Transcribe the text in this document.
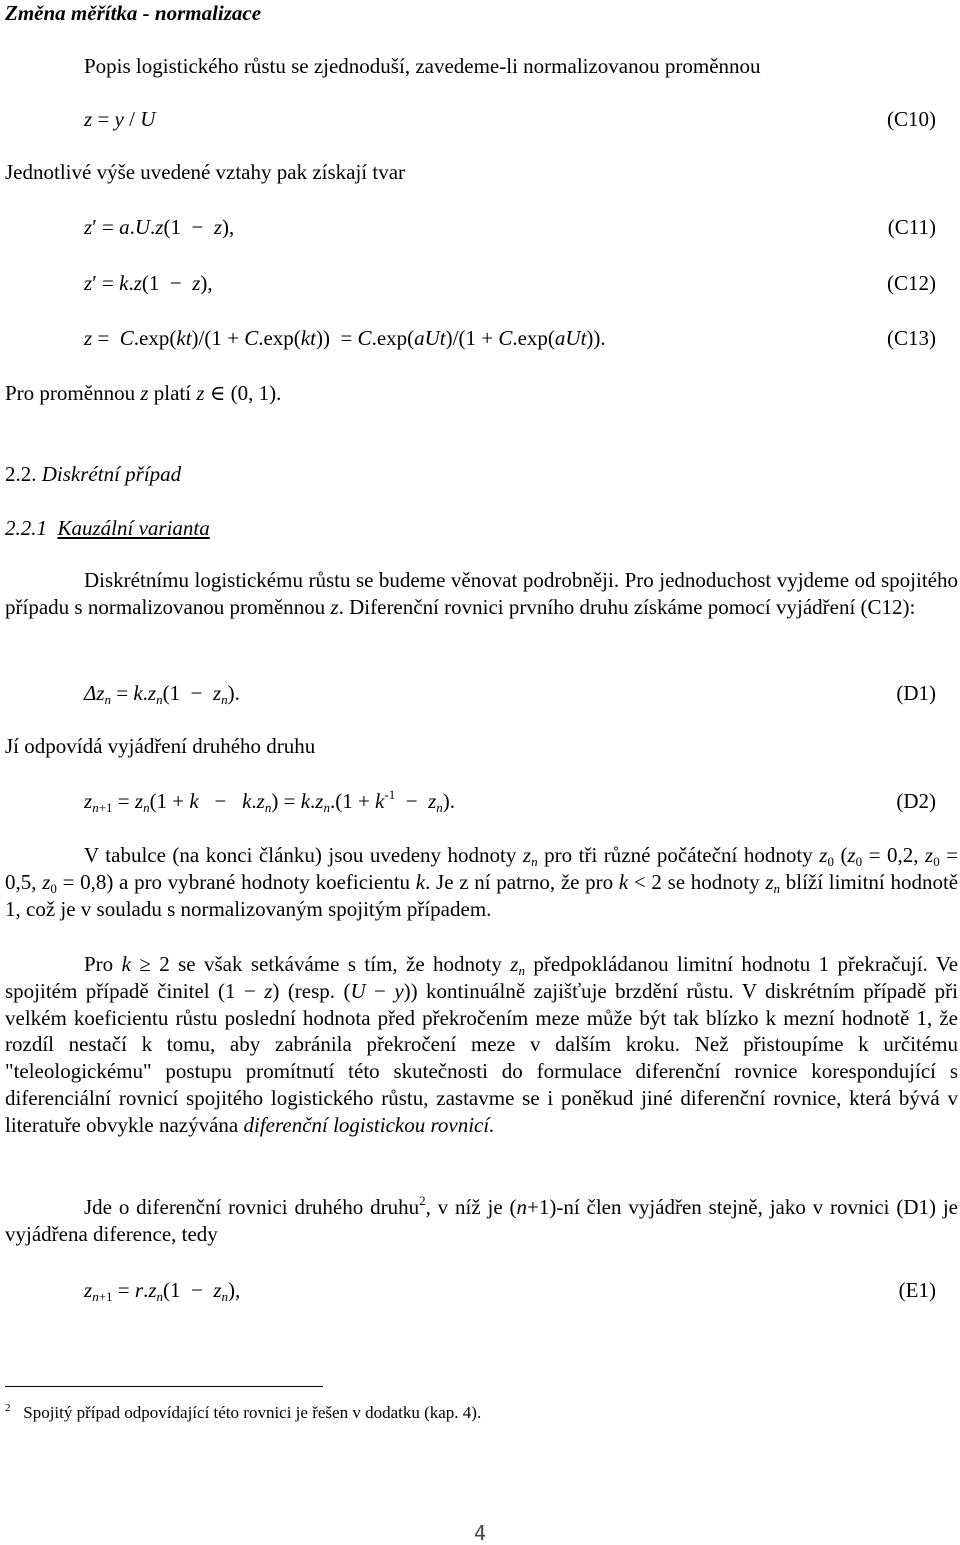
Změna měřítka - normalizace
Popis logistického růstu se zjednoduší, zavedeme-li normalizovanou proměnnou
z = y / U	(C10)
Jednotlivé výše uvedené vztahy pak získají tvar
z′ = a.U.z(1  −  z),	(C11)
z′ = k.z(1  −  z),	(C12)
z =  C.exp(kt)/(1 + C.exp(kt))  = C.exp(aUt)/(1 + C.exp(aUt)).	(C13)
Pro proměnnou z platí z ∈ (0, 1).
2.2. Diskrétní případ
2.2.1 Kauzální varianta
Diskrétnímu logistickému růstu se budeme věnovat podrobněji. Pro jednoduchost vyjdeme od spojitého případu s normalizovanou proměnnou z. Diferenční rovnici prvního druhu získáme pomocí vyjádření (C12):
$\Delta z_n = k.z_n(1 - z_n)$.	(D1)
Jí odpovídá vyjádření druhého druhu
$z_{n+1} = z_n(1 + k - k.z_n) = k.z_n.(1 + k^{-1} - z_n)$.	(D2)
V tabulce (na konci článku) jsou uvedeny hodnoty $z_n$ pro tři různé počáteční hodnoty $z_0$ ($z_0 = 0,2$, $z_0 = 0,5$, $z_0 = 0,8$) a pro vybrané hodnoty koeficientu k. Je z ní patrno, že pro k < 2 se hodnoty $z_n$ blíží limitní hodnotě 1, což je v souladu s normalizovaným spojitým případem.
Pro k ≥ 2 se však setkáváme s tím, že hodnoty $z_n$ předpokládanou limitní hodnotu 1 překračují. Ve spojitém případě činitel (1 − z) (resp. (U − y)) kontinuálně zajišťuje brzdění růstu. V diskrétním případě při velkém koeficientu růstu poslední hodnota před překročením meze může být tak blízko k mezní hodnotě 1, že rozdíl nestačí k tomu, aby zabránila překročení meze v dalším kroku. Než přistoupíme k určitému "teleologickému" postupu promítnutí této skutečnosti do formulace diferenční rovnice korespondující s diferenciální rovnicí spojitého logistického růstu, zastavme se i poněkud jiné diferenční rovnice, která bývá v literatuře obvykle nazývána diferenční logistickou rovnicí.
Jde o diferenční rovnici druhého druhu$^2$, v níž je (n+1)-ní člen vyjádřen stejně, jako v rovnici (D1) je vyjádřena diference, tedy
$z_{n+1} = r.z_n(1 - z_n)$,	(E1)
$^2$ Spojitý případ odpovídající této rovnici je řešen v dodatku (kap. 4).
4
